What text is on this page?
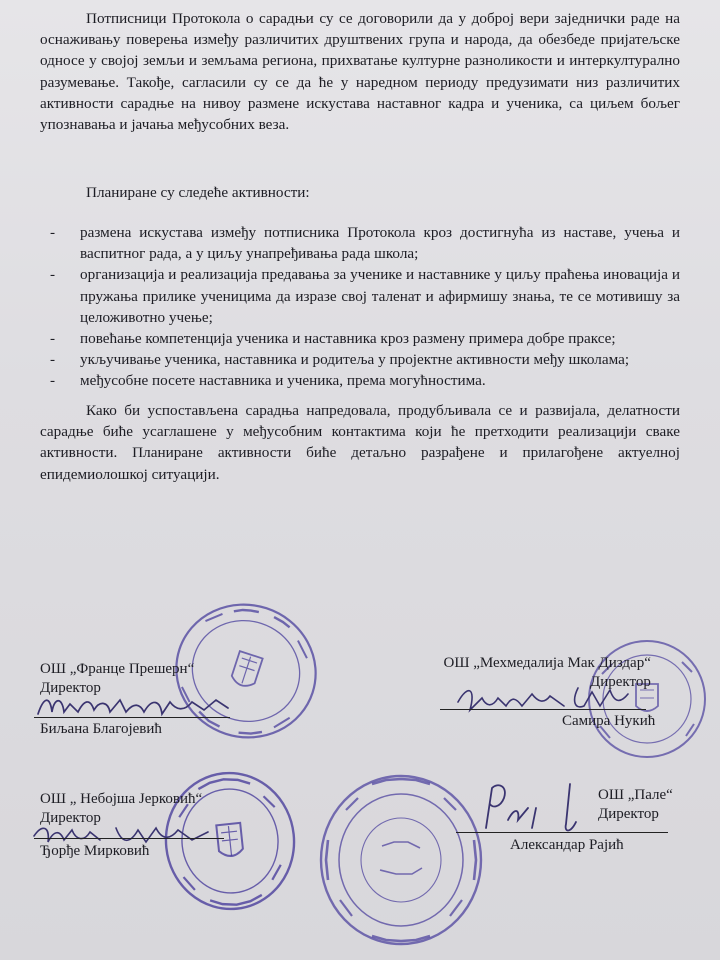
Потписници Протокола о сарадњи су се договорили да у доброј вери заједнички раде на оснаживању поверења између различитих друштвених група и народа, да обезбеде пријатељске односе у својој земљи и земљама региона, прихватање културне разноликости и интеркултурално разумевање. Такође, сагласили су се да ће у наредном периоду предузимати низ различитих активности сарадње на нивоу размене искустава наставног кадра и ученика, са циљем бољег упознавања и јачања међусобних веза.

Планиране су следеће активности:

- размена искустава између потписника Протокола кроз достигнућа из наставе, учења и васпитног рада, а у циљу унапређивања рада школа;
- организација и реализација предавања за ученике и наставнике у циљу праћења иновација и пружања прилике ученицима да изразе свој таленат и афирмишу знања, те се мотивишу за целоживотно учење;
- повећање компетенција ученика и наставника кроз размену примера добре праксе;
- укључивање ученика, наставника и родитеља у пројектне активности међу школама;
- међусобне посете наставника и ученика, према могућностима.

Како би успостављена сарадња напредовала, продубљивала се и развијала, делатности сарадње биће усаглашене у међусобним контактима који ће претходити реализацији сваке активности. Планиране активности биће детаљно разрађене и прилагођене актуелној епидемиолошкој ситуацији.

ОШ „Франце Прешерн“
Директор
Биљана Благојевић
ОШ „Мехмедалија Мак Диздар“
Директор
Самира Нукић
ОШ „ Небојша Јерковић“
Директор
Ђорђе Мирковић
ОШ „Пале“
Директор
Александар Рајић
